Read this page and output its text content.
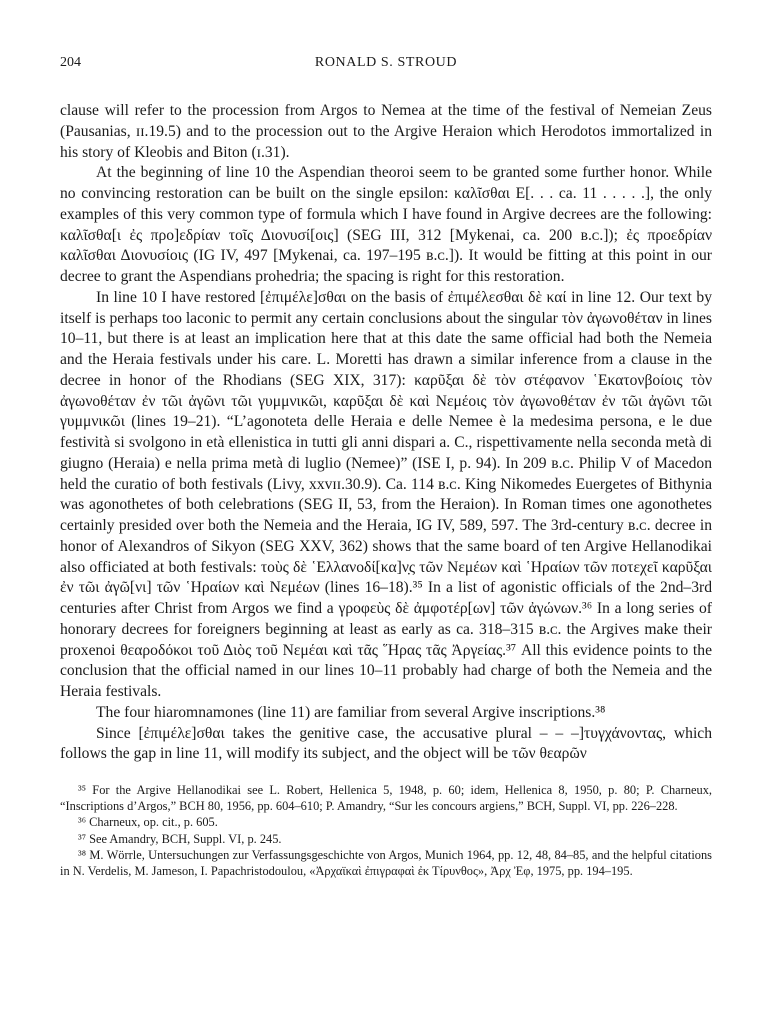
204	RONALD S. STROUD

clause will refer to the procession from Argos to Nemea at the time of the festival of Nemeian Zeus (Pausanias, ɪɪ.19.5) and to the procession out to the Argive Heraion which Herodotos immortalized in his story of Kleobis and Biton (ɪ.31).

At the beginning of line 10 the Aspendian theoroi seem to be granted some further honor. While no convincing restoration can be built on the single epsilon: καλῖσθαι Ε[. . . ca. 11 . . . . .], the only examples of this very common type of formula which I have found in Argive decrees are the following: καλῖσθα[ι ἐς προ]εδρίαν τοῖς Διονυσί[οις] (SEG III, 312 [Mykenai, ca. 200 ʙ.ᴄ.]); ἐς προεδρίαν καλῖσθαι Διονυσίοις (IG IV, 497 [Mykenai, ca. 197–195 ʙ.ᴄ.]). It would be fitting at this point in our decree to grant the Aspendians prohedria; the spacing is right for this restoration.

In line 10 I have restored [ἐπιμέλε]σθαι on the basis of ἐπιμέλεσθαι δὲ καί in line 12. Our text by itself is perhaps too laconic to permit any certain conclusions about the singular τὸν ἀγωνοθέταν in lines 10–11, but there is at least an implication here that at this date the same official had both the Nemeia and the Heraia festivals under his care. L. Moretti has drawn a similar inference from a clause in the decree in honor of the Rhodians (SEG XIX, 317): καρῦξαι δὲ τὸν στέφανον ῾Εκατονβοίοις τὸν ἀγωνοθέταν ἐν τῶι ἀγῶνι τῶι γυμμνικῶι, καρῦξαι δὲ καὶ Νεμέοις τὸν ἀγωνοθέταν ἐν τῶι ἀγῶνι τῶι γυμμνικῶι (lines 19–21). “L’agonoteta delle Heraia e delle Nemee è la medesima persona, e le due festività si svolgono in età ellenistica in tutti gli anni dispari a. C., rispettivamente nella seconda metà di giugno (Heraia) e nella prima metà di luglio (Nemee)” (ISE I, p. 94). In 209 ʙ.ᴄ. Philip V of Macedon held the curatio of both festivals (Livy, xxvɪɪ.30.9). Ca. 114 ʙ.ᴄ. King Nikomedes Euergetes of Bithynia was agonothetes of both celebrations (SEG II, 53, from the Heraion). In Roman times one agonothetes certainly presided over both the Nemeia and the Heraia, IG IV, 589, 597. The 3rd-century ʙ.ᴄ. decree in honor of Alexandros of Sikyon (SEG XXV, 362) shows that the same board of ten Argive Hellanodikai also officiated at both festivals: τοὺς δὲ ῾Ελλανοδί[κα]ν̣ς τῶν Νεμέων καὶ ῾Ηραίων τῶν ποτεχεῖ καρῦξαι ἐν τῶι ἀγῶ[νι] τῶν ῾Ηραίων καὶ Νεμέων (lines 16–18).³⁵ In a list of agonistic officials of the 2nd–3rd centuries after Christ from Argos we find a γροφεὺς δὲ ἀμφοτέρ[ων] τῶν ἀγώνων.³⁶ In a long series of honorary decrees for foreigners beginning at least as early as ca. 318–315 ʙ.ᴄ. the Argives make their proxenoi θεαροδόκοι τοῦ Διὸς τοῦ Νεμέαι καὶ τᾶς ῞Ηρας τᾶς Ἀργείας.³⁷ All this evidence points to the conclusion that the official named in our lines 10–11 probably had charge of both the Nemeia and the Heraia festivals.

The four hiaromnamones (line 11) are familiar from several Argive inscriptions.³⁸

Since [ἐπιμέλε]σθαι takes the genitive case, the accusative plural – – –]τυγχάνοντας, which follows the gap in line 11, will modify its subject, and the object will be τῶν θεαρῶν

³⁵ For the Argive Hellanodikai see L. Robert, Hellenica 5, 1948, p. 60; idem, Hellenica 8, 1950, p. 80; P. Charneux, “Inscriptions d’Argos,” BCH 80, 1956, pp. 604–610; P. Amandry, “Sur les concours argiens,” BCH, Suppl. VI, pp. 226–228.

³⁶ Charneux, op. cit., p. 605.

³⁷ See Amandry, BCH, Suppl. VI, p. 245.

³⁸ M. Wörrle, Untersuchungen zur Verfassungsgeschichte von Argos, Munich 1964, pp. 12, 48, 84–85, and the helpful citations in N. Verdelis, M. Jameson, I. Papachristodoulou, «Ἀρχαϊκαὶ ἐπιγραφαὶ ἐκ Τίρυνθος», Ἀρχ Ἐφ, 1975, pp. 194–195.
